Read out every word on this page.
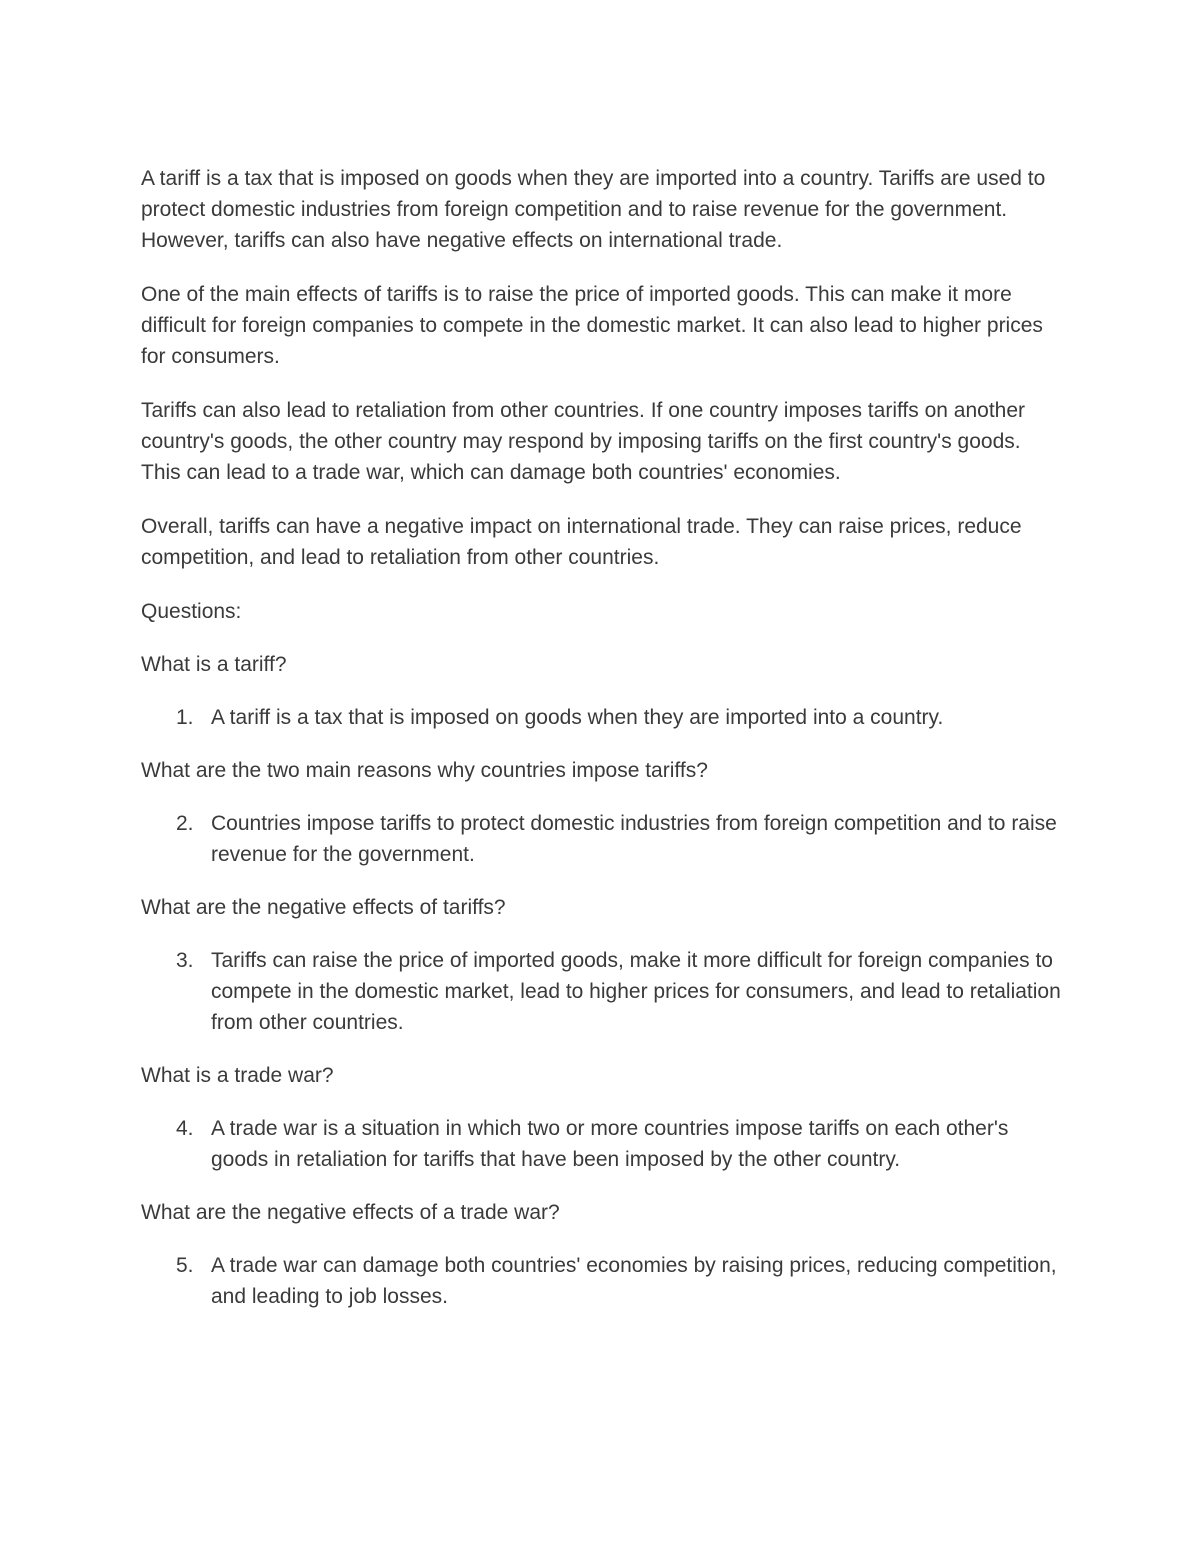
A tariff is a tax that is imposed on goods when they are imported into a country. Tariffs are used to protect domestic industries from foreign competition and to raise revenue for the government. However, tariffs can also have negative effects on international trade.

One of the main effects of tariffs is to raise the price of imported goods. This can make it more difficult for foreign companies to compete in the domestic market. It can also lead to higher prices for consumers.

Tariffs can also lead to retaliation from other countries. If one country imposes tariffs on another country's goods, the other country may respond by imposing tariffs on the first country's goods. This can lead to a trade war, which can damage both countries' economies.

Overall, tariffs can have a negative impact on international trade. They can raise prices, reduce competition, and lead to retaliation from other countries.

Questions:

What is a tariff?

1. A tariff is a tax that is imposed on goods when they are imported into a country.

What are the two main reasons why countries impose tariffs?

2. Countries impose tariffs to protect domestic industries from foreign competition and to raise revenue for the government.

What are the negative effects of tariffs?

3. Tariffs can raise the price of imported goods, make it more difficult for foreign companies to compete in the domestic market, lead to higher prices for consumers, and lead to retaliation from other countries.

What is a trade war?

4. A trade war is a situation in which two or more countries impose tariffs on each other's goods in retaliation for tariffs that have been imposed by the other country.

What are the negative effects of a trade war?

5. A trade war can damage both countries' economies by raising prices, reducing competition, and leading to job losses.
